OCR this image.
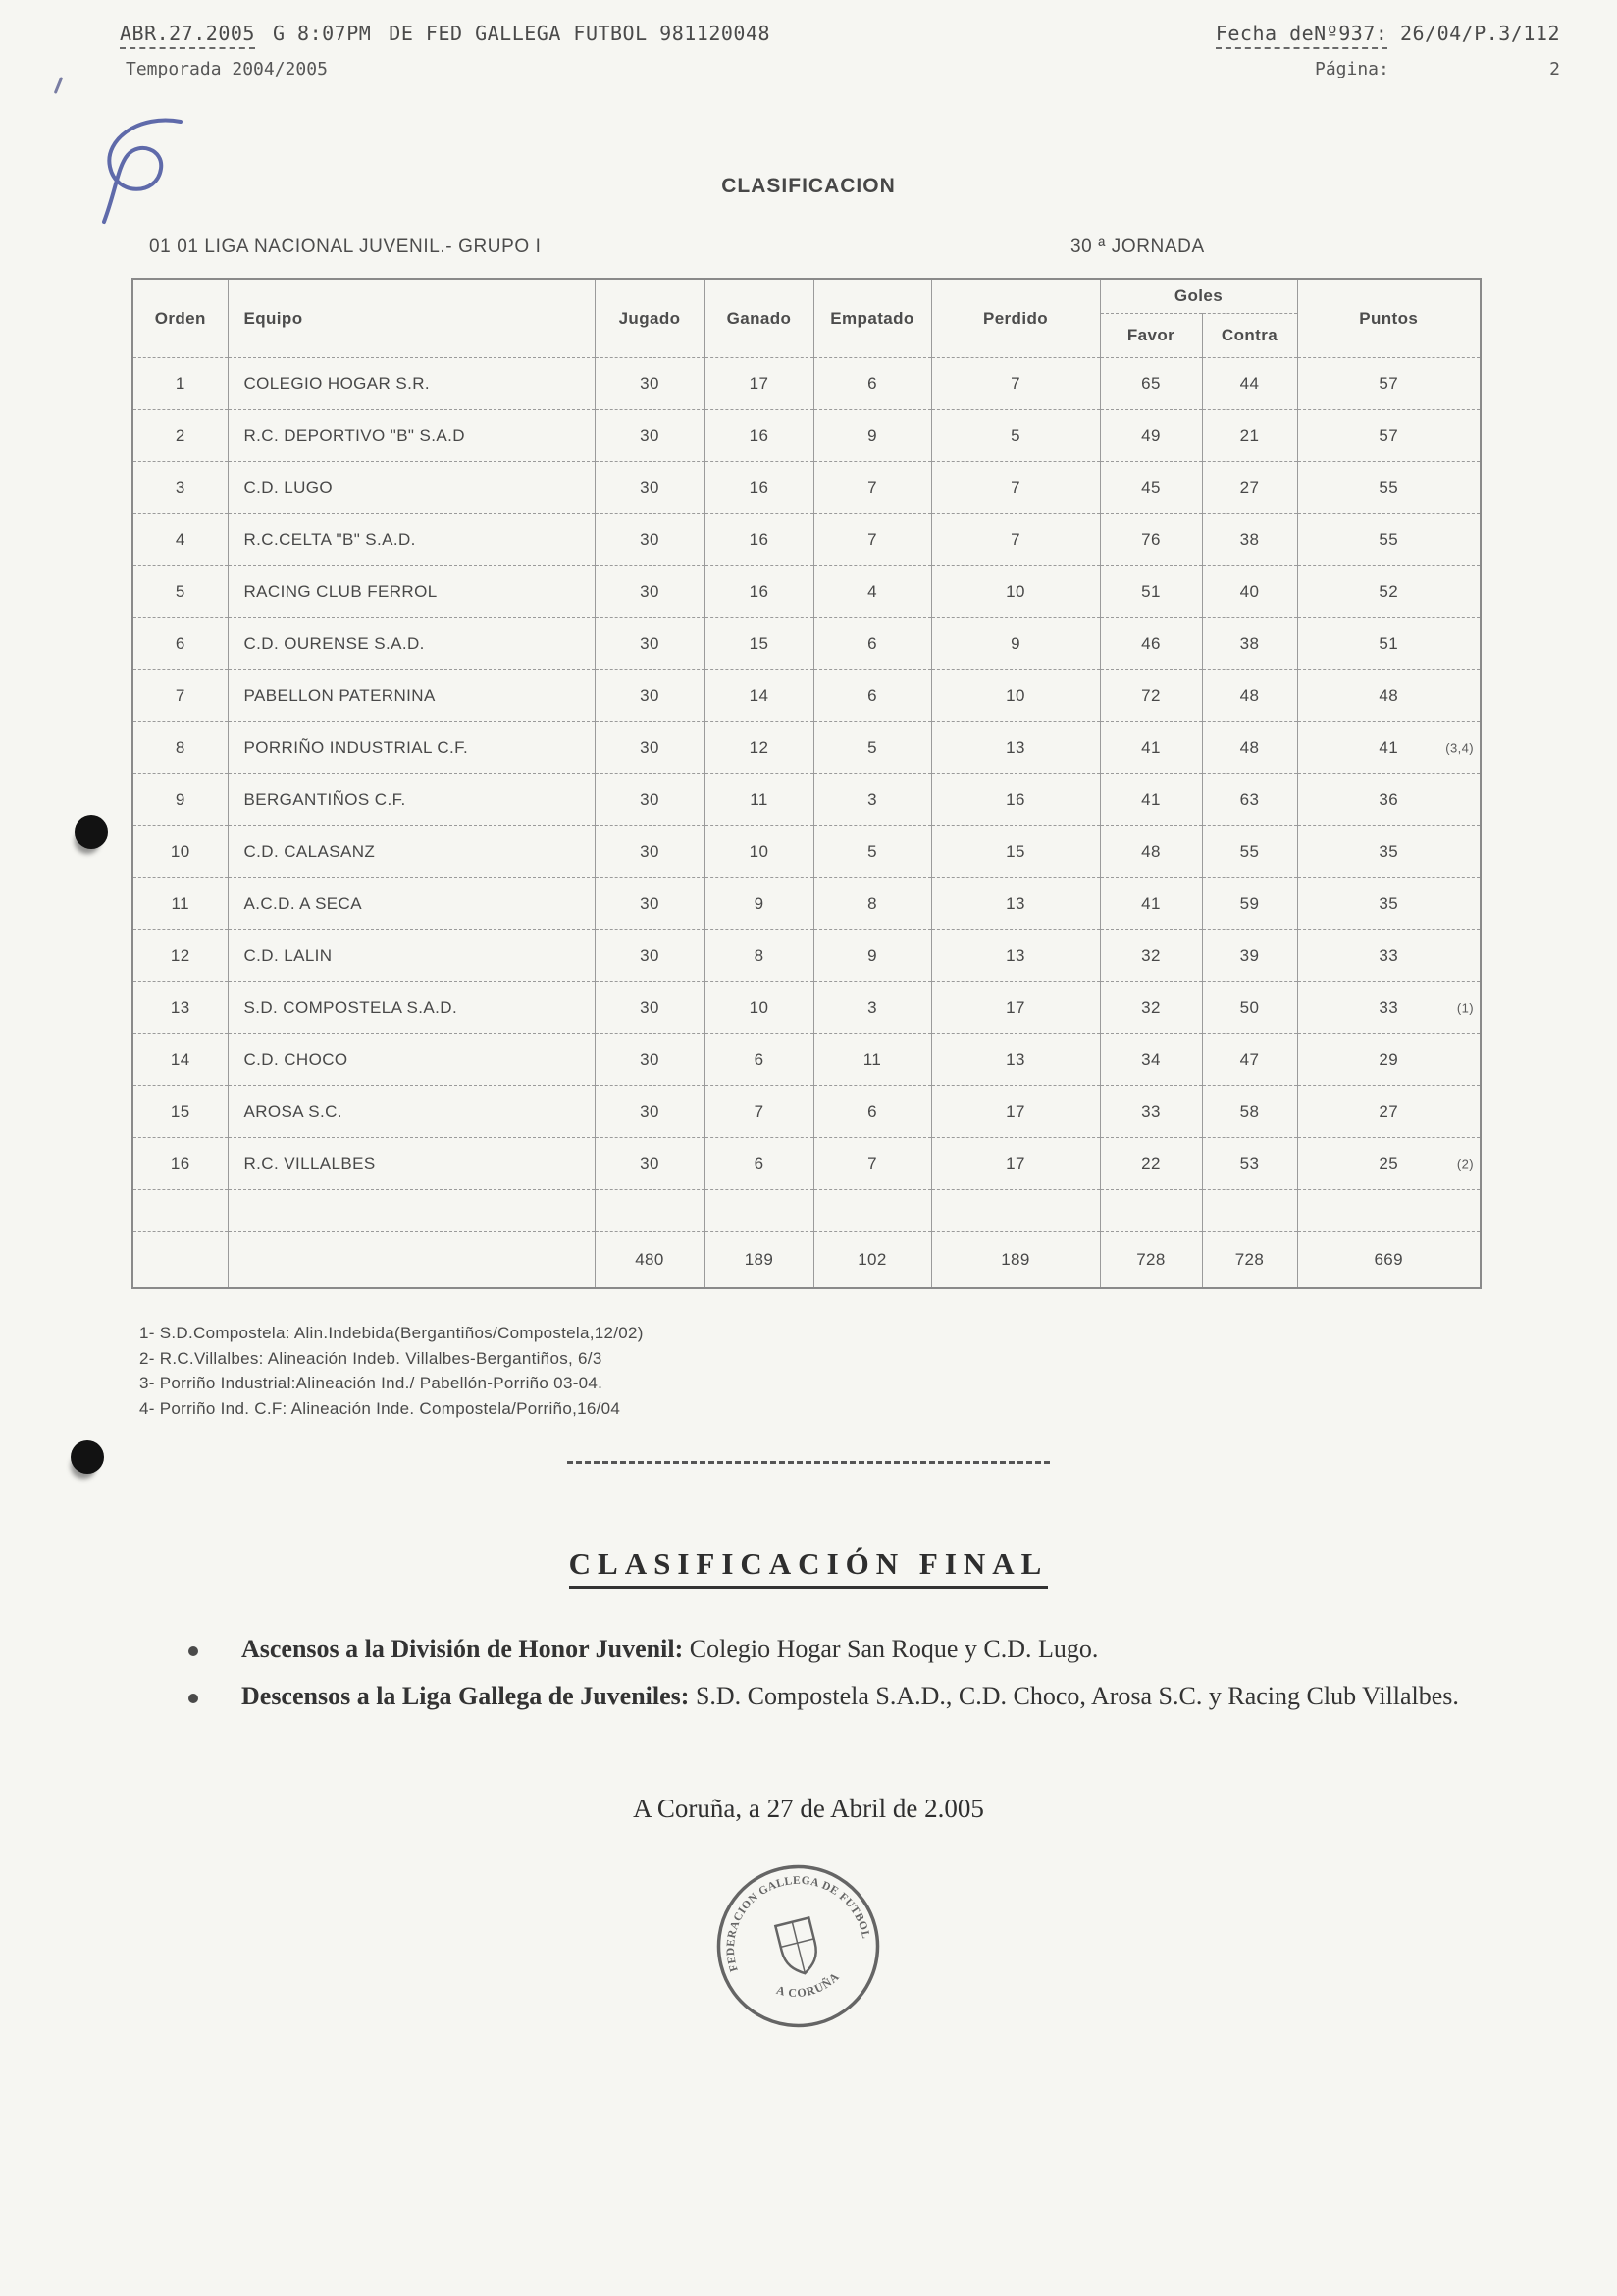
ABR.27.2005 G 8:07PM DE FED GALLEGA FUTBOL 981120048	Fecha deNº937: 26/04/P.3/112
Temporada 2004/2005	Página:	2
CLASIFICACION
01 01 LIGA NACIONAL JUVENIL.- GRUPO I	30 ª JORNADA
Orden	Equipo	Jugado	Ganado	Empatado	Perdido	Goles		Puntos
						Favor	Contra	
1	COLEGIO HOGAR S.R.	30	17	6	7	65	44	57
2	R.C. DEPORTIVO "B" S.A.D	30	16	9	5	49	21	57
3	C.D. LUGO	30	16	7	7	45	27	55
4	R.C.CELTA "B" S.A.D.	30	16	7	7	76	38	55
5	RACING CLUB FERROL	30	16	4	10	51	40	52
6	C.D. OURENSE S.A.D.	30	15	6	9	46	38	51
7	PABELLON PATERNINA	30	14	6	10	72	48	48
8	PORRIÑO INDUSTRIAL C.F.	30	12	5	13	41	48	41 (3,4)

9	BERGANTIÑOS C.F.	30	11	3	16	41	63	36
10	C.D. CALASANZ	30	10	5	15	48	55	35
11	A.C.D. A SECA	30	9	8	13	41	59	35
12	C.D. LALIN	30	8	9	13	32	39	33
13	S.D. COMPOSTELA S.A.D.	30	10	3	17	32	50	33 (1)

14	C.D. CHOCO	30	6	11	13	34	47	29
15	AROSA S.C.	30	7	6	17	33	58	27
16	R.C. VILLALBES	30	6	7	17	22	53	25 (2)

		480	189	102	189	728	728	669
1- S.D.Compostela: Alin.Indebida(Bergantiños/Compostela,12/02)
2- R.C.Villalbes: Alineación Indeb. Villalbes-Bergantiños, 6/3
3- Porriño Industrial:Alineación Ind./ Pabellón-Porriño 03-04.
4- Porriño Ind. C.F: Alineación Inde. Compostela/Porriño,16/04
CLASIFICACIÓN FINAL
Ascensos a la División de Honor Juvenil: Colegio Hogar San Roque y C.D. Lugo.
Descensos a la Liga Gallega de Juveniles: S.D. Compostela S.A.D., C.D. Choco, Arosa S.C. y Racing Club Villalbes.
A Coruña, a 27 de Abril de 2.005
FEDERACION GALLEGA DE FUTBOL
A CORUÑA
